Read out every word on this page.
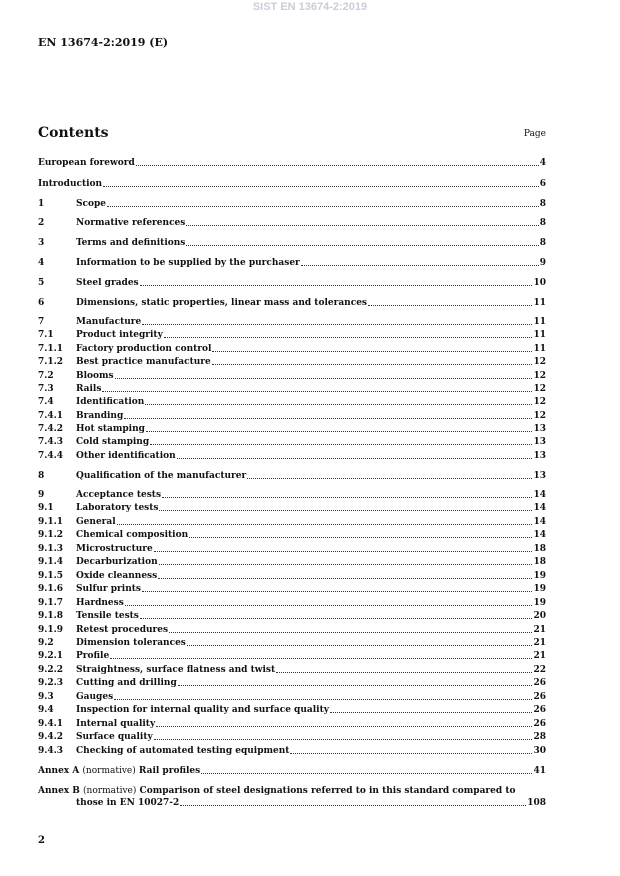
SIST EN 13674-2:2019
EN 13674-2:2019 (E)
Contents	Page
European foreword	4
Introduction	6
1	Scope	8
2	Normative references	8
3	Terms and definitions	8
4	Information to be supplied by the purchaser	9
5	Steel grades	10
6	Dimensions, static properties, linear mass and tolerances	11
7	Manufacture	11
7.1	Product integrity	11
7.1.1	Factory production control	11
7.1.2	Best practice manufacture	12
7.2	Blooms	12
7.3	Rails	12
7.4	Identification	12
7.4.1	Branding	12
7.4.2	Hot stamping	13
7.4.3	Cold stamping	13
7.4.4	Other identification	13
8	Qualification of the manufacturer	13
9	Acceptance tests	14
9.1	Laboratory tests	14
9.1.1	General	14
9.1.2	Chemical composition	14
9.1.3	Microstructure	18
9.1.4	Decarburization	18
9.1.5	Oxide cleanness	19
9.1.6	Sulfur prints	19
9.1.7	Hardness	19
9.1.8	Tensile tests	20
9.1.9	Retest procedures	21
9.2	Dimension tolerances	21
9.2.1	Profile	21
9.2.2	Straightness, surface flatness and twist	22
9.2.3	Cutting and drilling	26
9.3	Gauges	26
9.4	Inspection for internal quality and surface quality	26
9.4.1	Internal quality	26
9.4.2	Surface quality	28
9.4.3	Checking of automated testing equipment	30
Annex A (normative) Rail profiles	41
Annex B (normative) Comparison of steel designations referred to in this standard compared to
those in EN 10027-2	108
2
